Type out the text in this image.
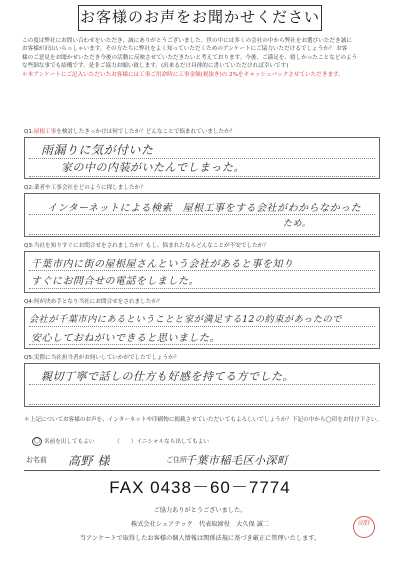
お客様のお声をお聞かせください

この度は弊社にお問い合わせをいただき、誠にありがとうございました。世の中には多くの会社の中から弊社をお選びいただき誠に

お客様が沢山いらっしゃいます。その方たちに弊社をよく知っていただくためのアンケートにご協力いただけるでしょうか？ お客

様のご意見をお聞かせいただき今後の活動に反映させていただきたいと考えております。今後、ご満足を、嬉しかったことなどのよう

な些細な事でも結構です。是非ご協力お願い致します。(出来るだけ具体的に書いていただければ幸いです)

＊本アンケートにご記入いただいたお客様には工事ご用命時に工事金額(税抜き)の 2%をキャッシュバックさせていただきます。

Q1:屋根工事を検討したきっかけは何でしたか？どんなことで悩まれていましたか？
雨漏りに気が付いた
家の中の内装がいたんでしまった。
Q2:業者や工事会社をどのように探しましたか？
インターネットによる検索　屋根工事をする会社がわからなかった
ため。
Q3:当社を知りすぐにお問合せをされましたか？もし、悩まれたならどんなことが不安でしたか？
千葉市内に街の屋根屋さんという会社があると事を知り
すぐにお問合せの電話をしました。
Q4:何が決め手となり当社にお問合せをされましたか？
会社が千葉市内にあるということと家が満足する12の約束があったので
安心しておねがいできると思いました。
Q5:実際に当社担当者がお伺いしていかがでしたでしょうか？
親切丁寧で話しの仕方も好感を持てる方でした。
＊上記についてお客様のお声を、インターネットや印刷物に掲載させていただいてもよろしいでしょうか？下記の中から◯印をお付け下さい。
◯ 名前を出してもよい	（　　）イニシャルなら出してもよい
お名前 高野 様	ご住所
千葉市稲毛区小深町
FAX 0438－60－7774
ご協力ありがとうございました。
株式会社シェアテック　代表取締役　大久保 誠二
当アンケートで取得したお客様の個人情報は関係法規に基づき厳正に管理いたします。
高野
